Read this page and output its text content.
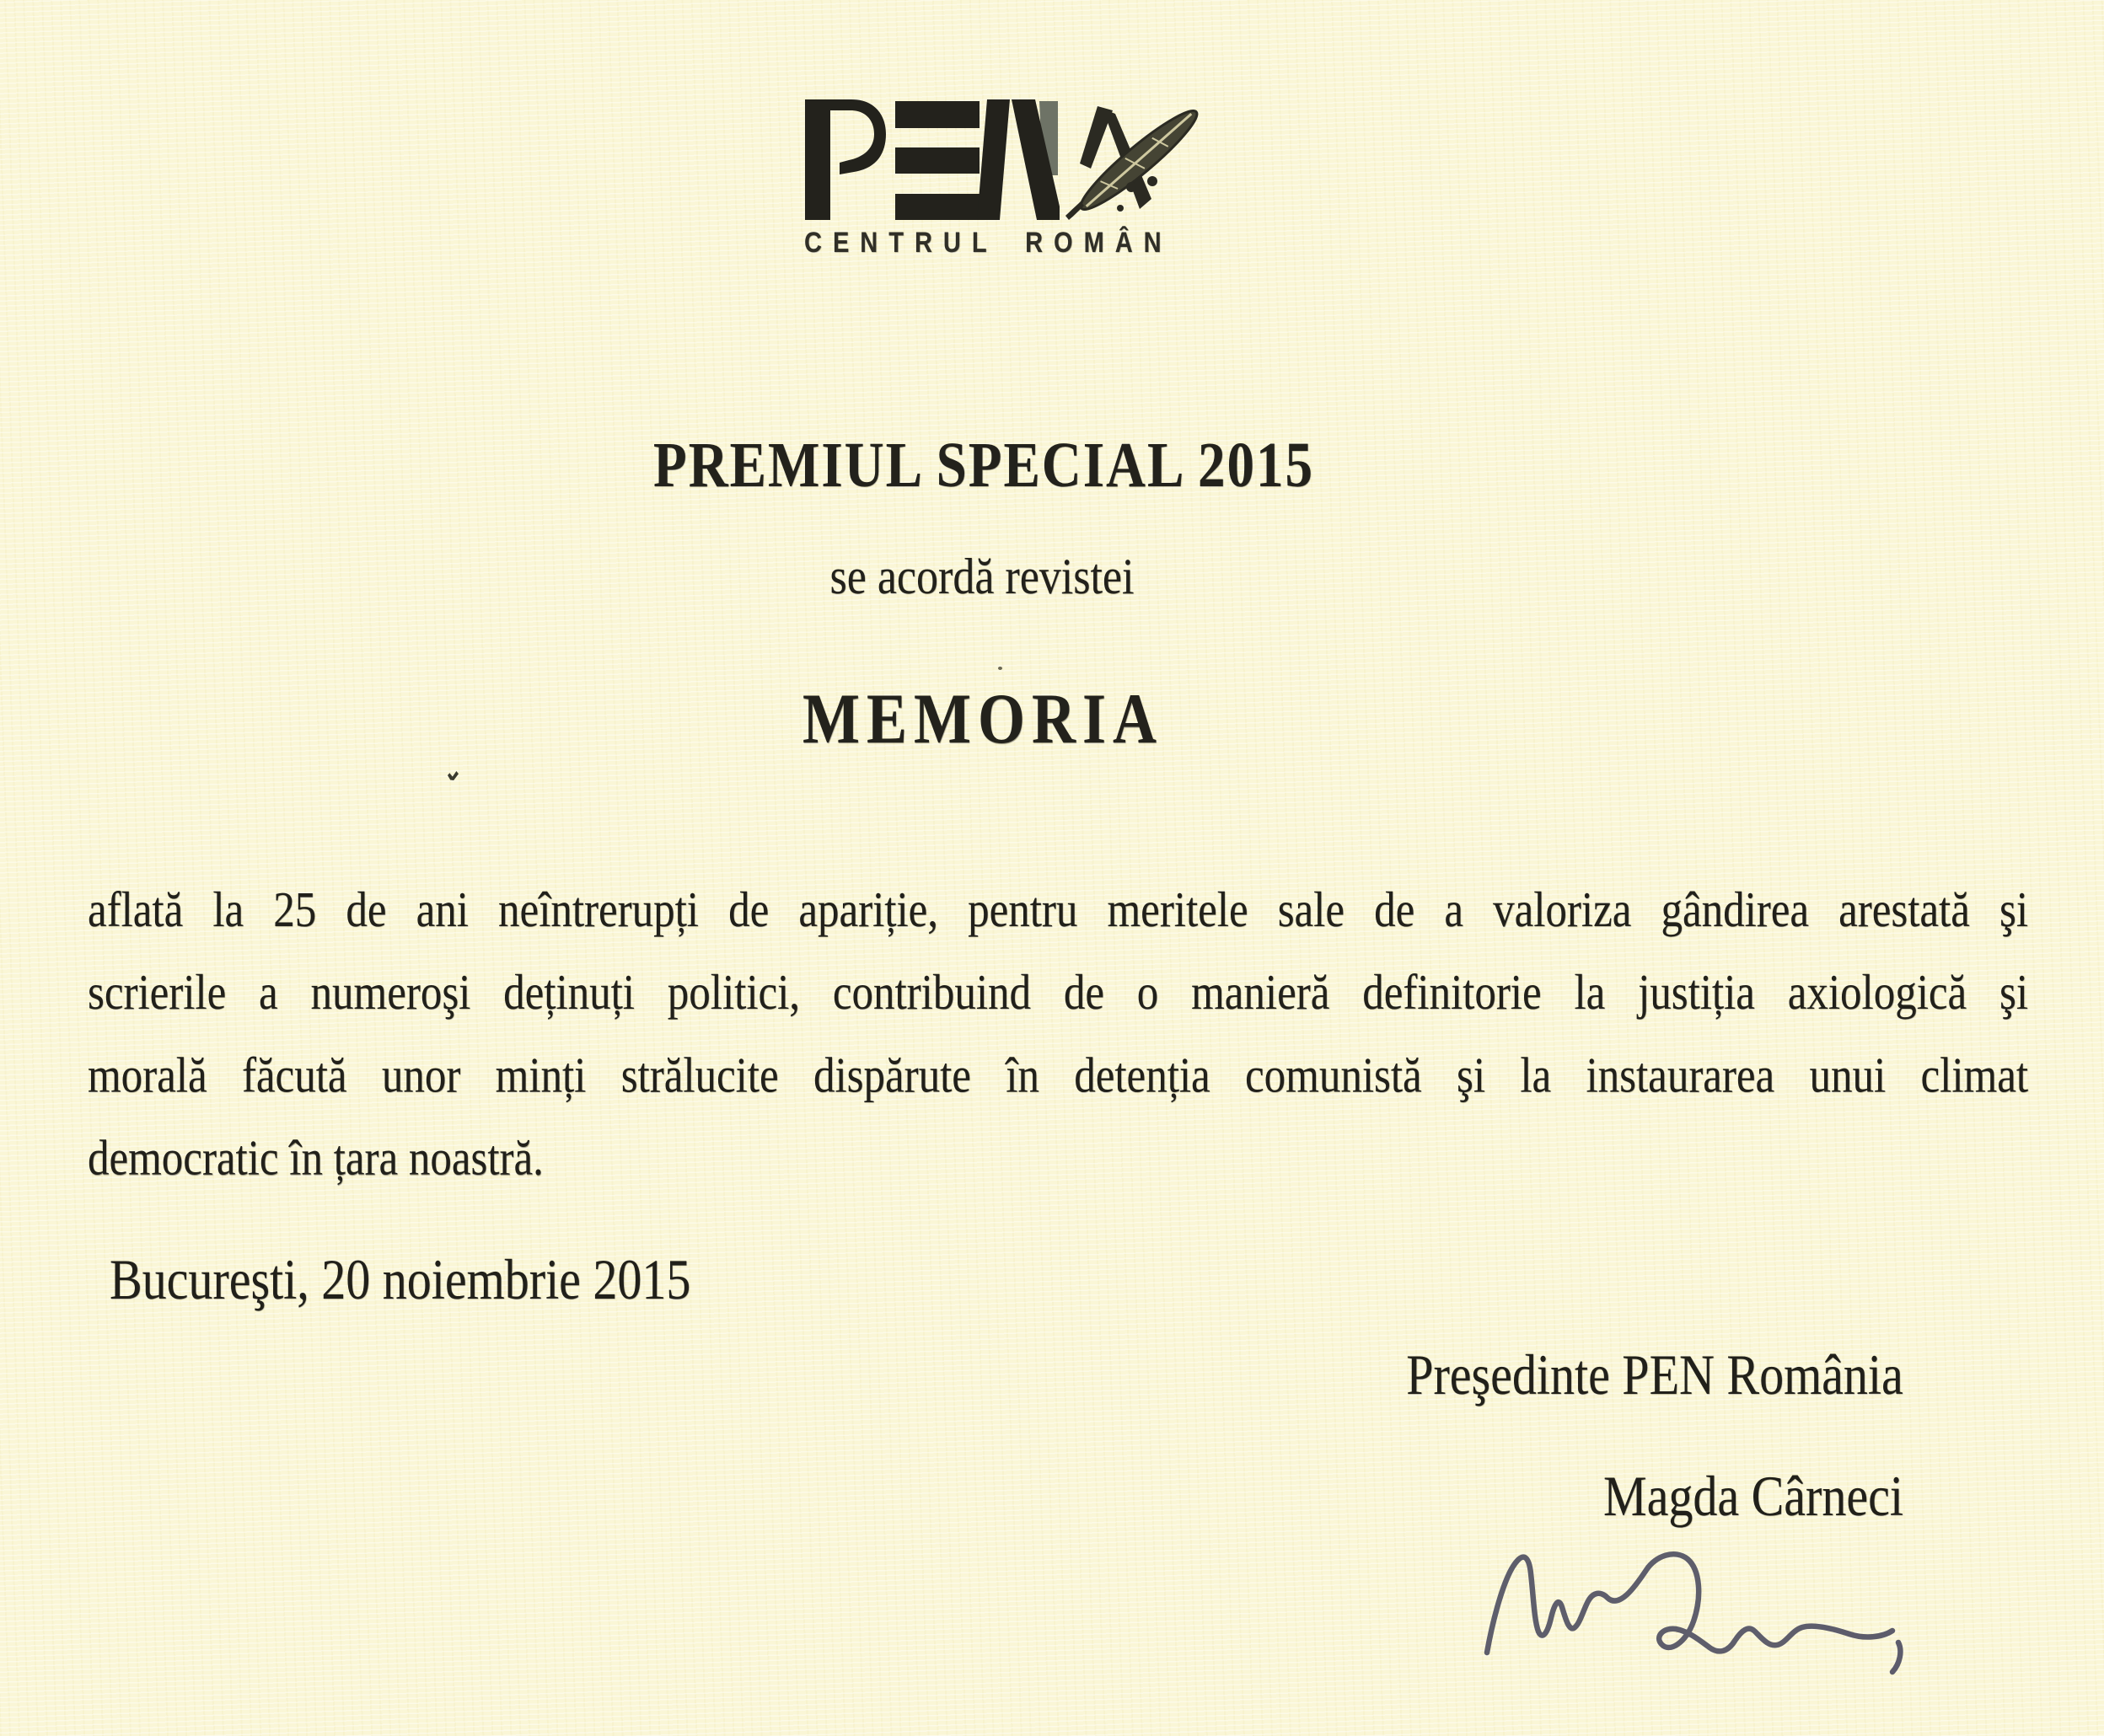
CENTRUL ROMÂN
PREMIUL SPECIAL 2015
se acordă revistei
MEMORIA
aflată la 25 de ani neîntrerupți de apariție, pentru meritele sale de a valoriza gândirea arestată şi
scrierile a numeroşi deținuți politici, contribuind de o manieră definitorie la justiția axiologică şi
morală făcută unor minți strălucite dispărute în detenția comunistă şi la instaurarea unui climat
democratic în țara noastră.
Bucureşti, 20 noiembrie 2015
Preşedinte PEN România
Magda Cârneci
